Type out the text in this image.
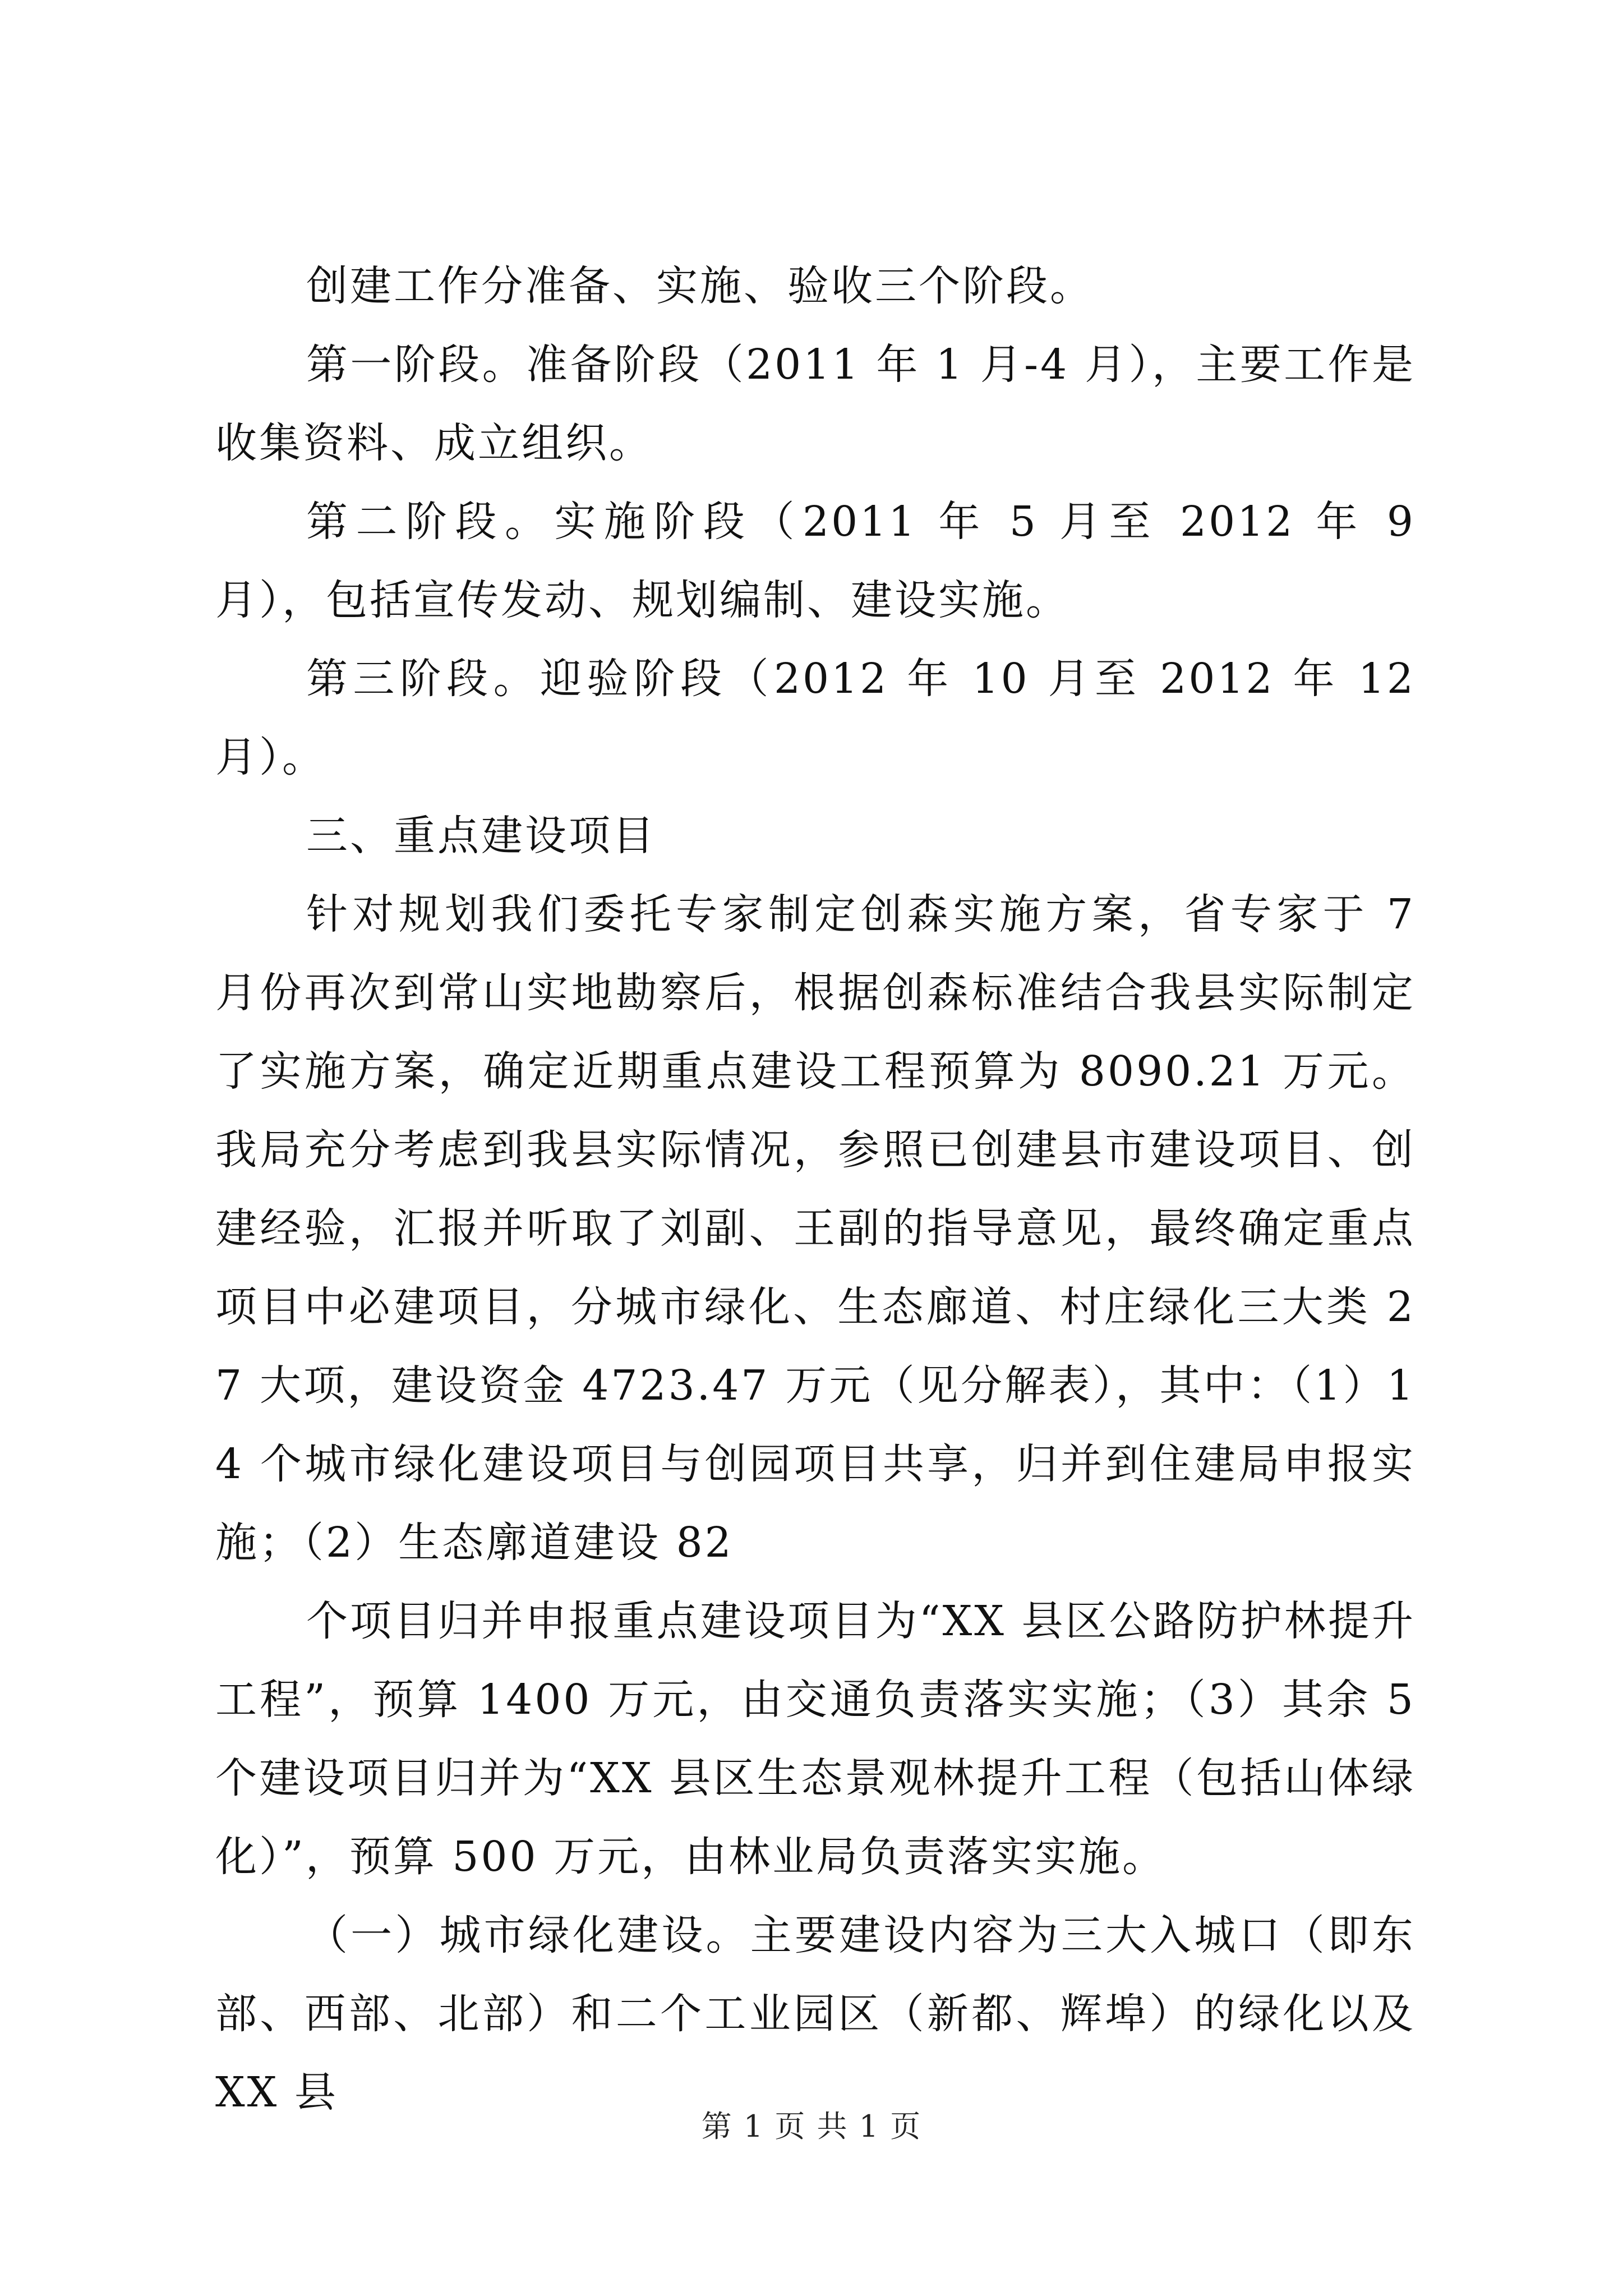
创建工作分准备、实施、验收三个阶段。

第一阶段。准备阶段（2011 年 1 月-4 月），主要工作是收集资料、成立组织。

第二阶段。实施阶段（2011 年 5 月至 2012 年 9 月），包括宣传发动、规划编制、建设实施。

第三阶段。迎验阶段（2012 年 10 月至 2012 年 12 月）。

三、重点建设项目

针对规划我们委托专家制定创森实施方案，省专家于 7 月份再次到常山实地勘察后，根据创森标准结合我县实际制定了实施方案，确定近期重点建设工程预算为 8090.21 万元。我局充分考虑到我县实际情况，参照已创建县市建设项目、创建经验，汇报并听取了刘副、王副的指导意见，最终确定重点项目中必建项目，分城市绿化、生态廊道、村庄绿化三大类 27 大项，建设资金 4723.47 万元（见分解表），其中：（1）14 个城市绿化建设项目与创园项目共享，归并到住建局申报实施；（2）生态廓道建设 82

个项目归并申报重点建设项目为“XX 县区公路防护林提升工程”，预算 1400 万元，由交通负责落实实施；（3）其余 5 个建设项目归并为“XX 县区生态景观林提升工程（包括山体绿化）”，预算 500 万元，由林业局负责落实实施。

（一）城市绿化建设。主要建设内容为三大入城口（即东部、西部、北部）和二个工业园区（新都、辉埠）的绿化以及 XX 县

第 1 页 共 1 页
